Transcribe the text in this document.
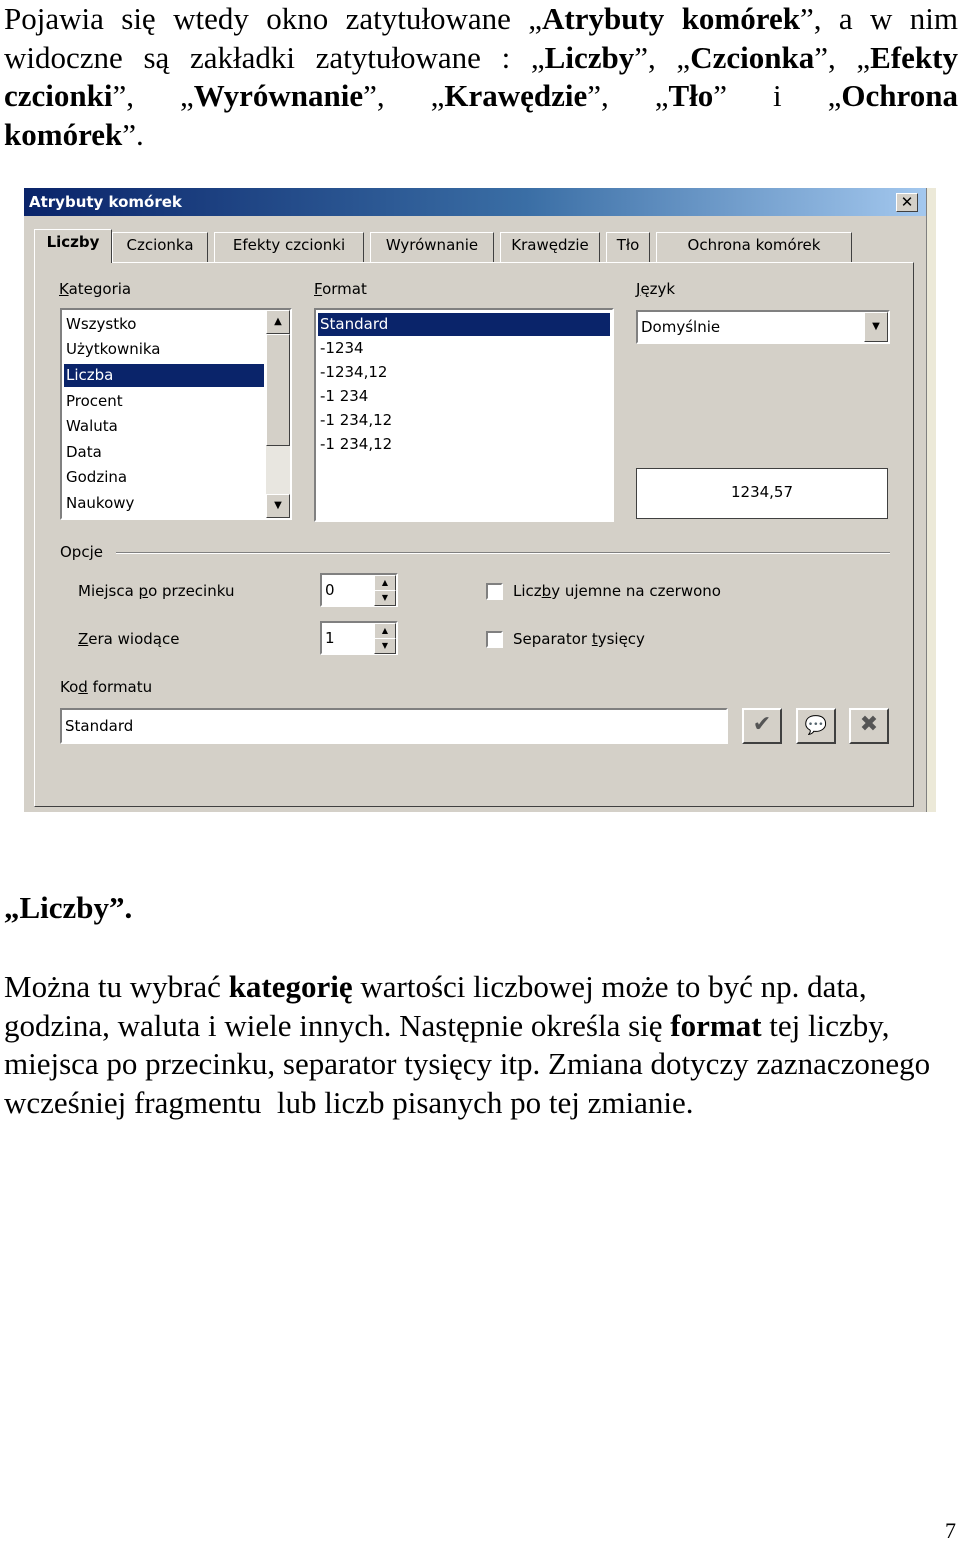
Pojawia się wtedy okno zatytułowane „Atrybuty komórek”, a w nim
widoczne są zakładki zatytułowane : „Liczby”, „Czcionka”, „Efekty
czcionki”, „Wyrównanie”, „Krawędzie”, „Tło” i „Ochrona
komórek”.
Atrybuty komórek	✕
Liczby	Czcionka	Efekty czcionki	Wyrównanie	Krawędzie	Tło	Ochrona komórek
Kategoria
Wszystko
Użytkownika
Liczba
Procent
Waluta
Data
Godzina
Naukowy
▲
▼
Format
Standard
-1234
-1234,12
-1 234
-1 234,12
-1 234,12
Język
Domyślnie	▼
1234,57
Opcje
Miejsca po przecinku	0	▲
▼
Zera wiodące	1	▲
▼
Liczby ujemne na czerwono
Separator tysięcy
Kod formatu
Standard	✔	💬	✖
„Liczby”.

Można tu wybrać kategorię wartości liczbowej może to być np. data, godzina, waluta i wiele innych. Następnie określa się format tej liczby, miejsca po przecinku, separator tysięcy itp. Zmiana dotyczy zaznaczonego wcześniej fragmentu  lub liczb pisanych po tej zmianie.

7
